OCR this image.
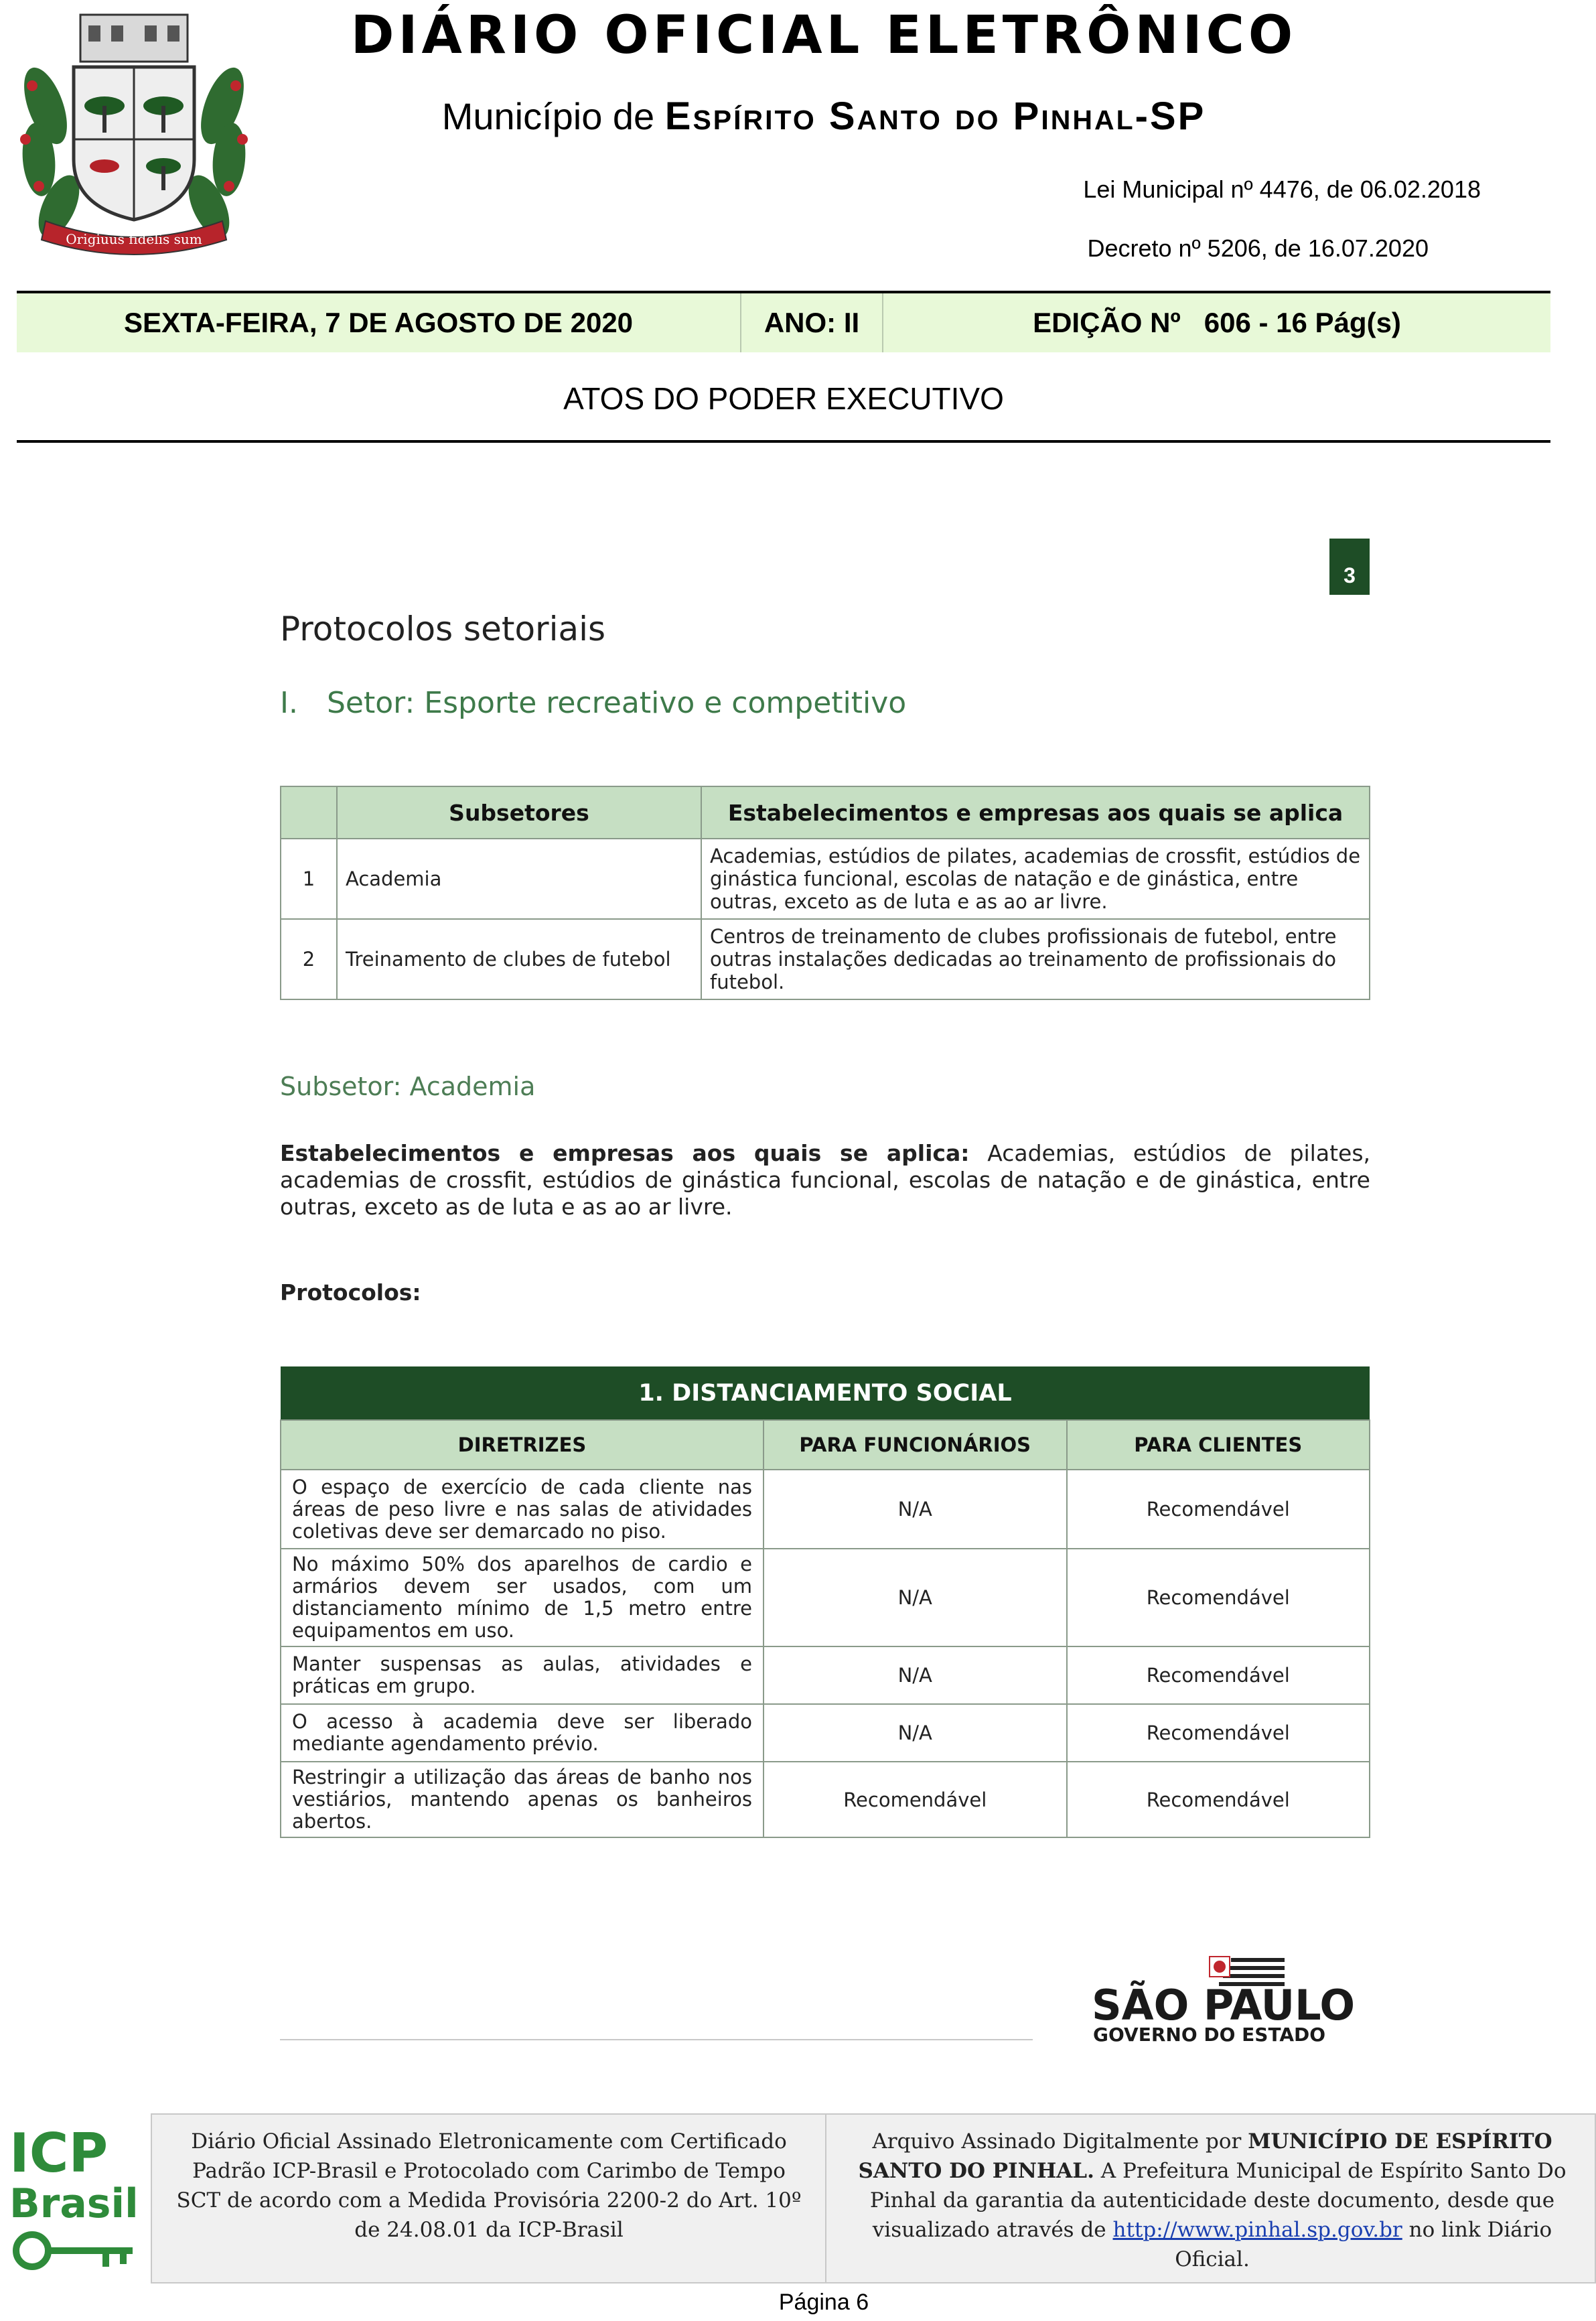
Origiuus fidelis sum
DIÁRIO OFICIAL ELETRÔNICO
Município de Espírito Santo do Pinhal-SP
Lei Municipal nº 4476, de 06.02.2018
Decreto nº 5206, de 16.07.2020
SEXTA-FEIRA, 7 DE AGOSTO DE 2020	ANO: II	EDIÇÃO Nº   606 - 16 Pág(s)
ATOS DO PODER EXECUTIVO
3
Protocolos setoriais
I. Setor: Esporte recreativo e competitivo
	Subsetores	Estabelecimentos e empresas aos quais se aplica
1	Academia	Academias, estúdios de pilates, academias de crossfit, estúdios de ginástica funcional, escolas de natação e de ginástica, entre outras, exceto as de luta e as ao ar livre.
2	Treinamento de clubes de futebol	Centros de treinamento de clubes profissionais de futebol, entre outras instalações dedicadas ao treinamento de profissionais do futebol.
Subsetor: Academia
Estabelecimentos e empresas aos quais se aplica: Academias, estúdios de pilates, academias de crossfit, estúdios de ginástica funcional, escolas de natação e de ginástica, entre outras, exceto as de luta e as ao ar livre.
Protocolos:
1. DISTANCIAMENTO SOCIAL		
DIRETRIZES	PARA FUNCIONÁRIOS	PARA CLIENTES
O espaço de exercício de cada cliente nas áreas de peso livre e nas salas de atividades coletivas deve ser demarcado no piso.	N/A	Recomendável
No máximo 50% dos aparelhos de cardio e armários devem ser usados, com um distanciamento mínimo de 1,5 metro entre equipamentos em uso.	N/A	Recomendável
Manter suspensas as aulas, atividades e práticas em grupo.	N/A	Recomendável
O acesso à academia deve ser liberado mediante agendamento prévio.	N/A	Recomendável
Restringir a utilização das áreas de banho nos vestiários, mantendo apenas os banheiros abertos.	Recomendável	Recomendável
SÃO PAULO
GOVERNO DO ESTADO
ICP
Brasil
Diário Oficial Assinado Eletronicamente com Certificado Padrão ICP-Brasil e Protocolado com Carimbo de Tempo SCT de acordo com a Medida Provisória 2200-2 do Art. 10º de 24.08.01 da ICP-Brasil
Arquivo Assinado Digitalmente por MUNICÍPIO DE ESPÍRITO SANTO DO PINHAL. A Prefeitura Municipal de Espírito Santo Do Pinhal da garantia da autenticidade deste documento, desde que visualizado através de http://www.pinhal.sp.gov.br no link Diário Oficial.
Página 6
